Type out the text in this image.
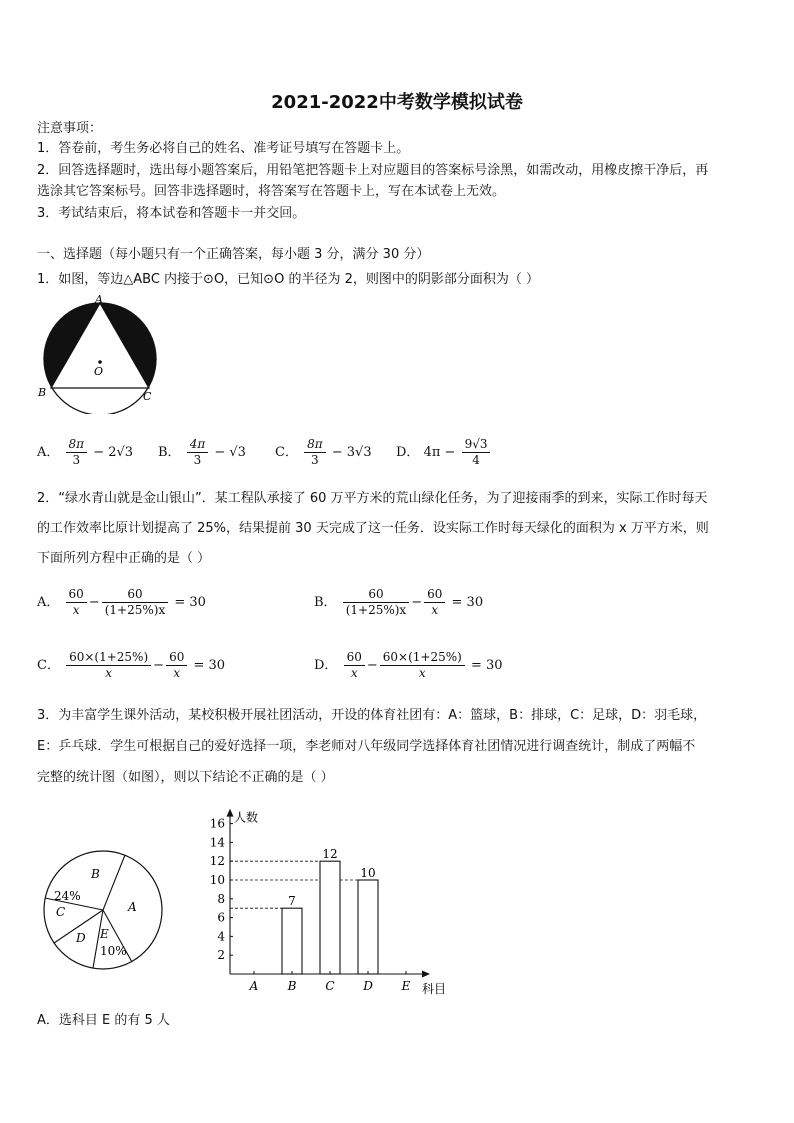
2021-2022中考数学模拟试卷
注意事项：
1．答卷前，考生务必将自己的姓名、准考证号填写在答题卡上。
2．回答选择题时，选出每小题答案后，用铅笔把答题卡上对应题目的答案标号涂黑，如需改动，用橡皮擦干净后，再
选涂其它答案标号。回答非选择题时，将答案写在答题卡上，写在本试卷上无效。
3．考试结束后，将本试卷和答题卡一并交回。
一、选择题（每小题只有一个正确答案，每小题 3 分，满分 30 分）
1．如图，等边△ABC 内接于⊙O，已知⊙O 的半径为 2，则图中的阴影部分面积为（ ）
A
B	C
O
A． $\frac{8\pi}{3} - 2√3$ B． $\frac{4\pi}{3} - √3$ C． $\frac{8\pi}{3} - 3√3$ D． $4\pi - \frac{9√3}{4}$
2．“绿水青山就是金山银山”．某工程队承接了 60 万平方米的荒山绿化任务，为了迎接雨季的到来，实际工作时每天
的工作效率比原计划提高了 25%，结果提前 30 天完成了这一任务．设实际工作时每天绿化的面积为 x 万平方米，则
下面所列方程中正确的是（ ）
A． $\frac{60}{x} - \frac{60}{(1+25\%)x} = 30$	B． $\frac{60}{(1+25\%)x} - \frac{60}{x} = 30$
C． $\frac{60\times(1+25\%)}{x} - \frac{60}{x} = 30$	D． $\frac{60}{x} - \frac{60\times(1+25\%)}{x} = 30$
3．为丰富学生课外活动，某校积极开展社团活动，开设的体育社团有：A：篮球，B：排球，C：足球，D：羽毛球，
E：乒乓球．学生可根据自己的爱好选择一项，李老师对八年级同学选择体育社团情况进行调查统计，制成了两幅不
完整的统计图（如图），则以下结论不正确的是（ ）
B
A
24%
C
D E
10%
人数
科目
2
4
6
8
10
12
14
16
A
7
B
12
C
10
D E
A．选科目 E 的有 5 人
